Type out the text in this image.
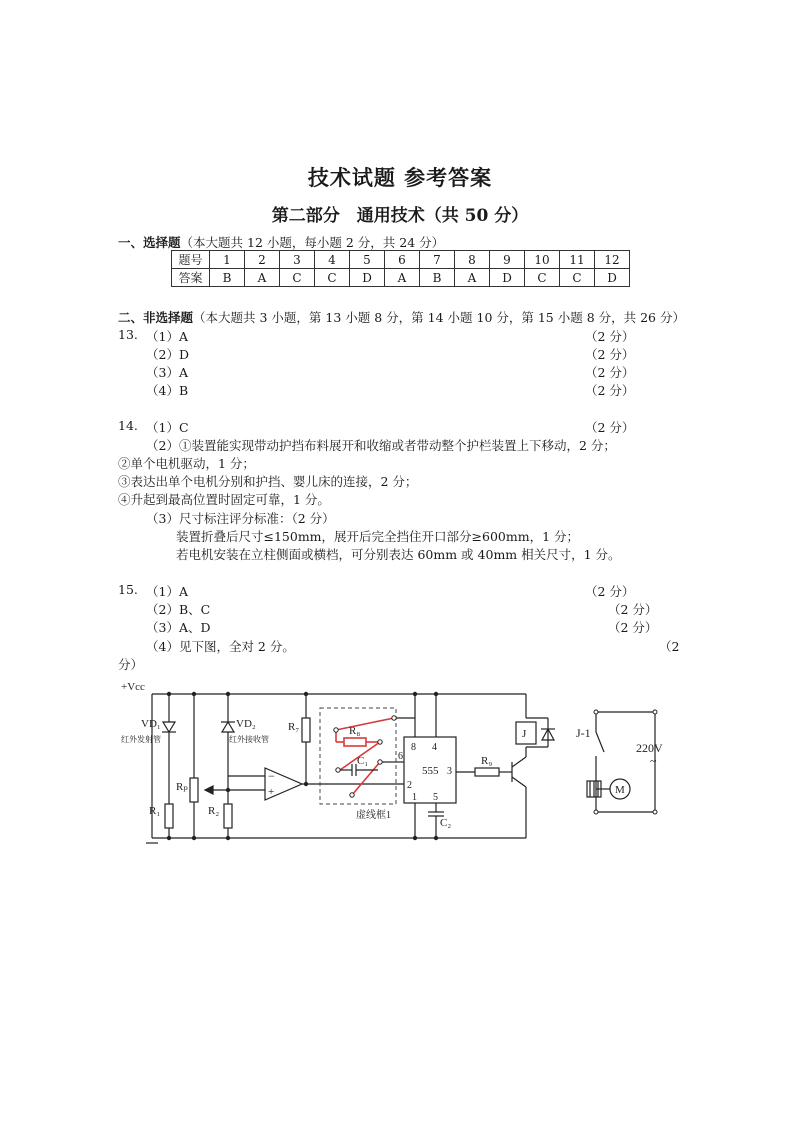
技术试题 参考答案
第二部分　通用技术（共 50 分）
一、选择题（本大题共 12 小题，每小题 2 分，共 24 分）
题号	1	2	3	4	5	6	7	8	9	10	11	12
答案	B	A	C	C	D	A	B	A	D	C	C	D
二、非选择题（本大题共 3 小题，第 13 小题 8 分，第 14 小题 10 分，第 15 小题 8 分，共 26 分）
13. （1）A	（2 分）
（2）D	（2 分）
（3）A	（2 分）
（4）B	（2 分）
14. （1）C	（2 分）
（2）①装置能实现带动护挡布料展开和收缩或者带动整个护栏装置上下移动，2 分；
②单个电机驱动，1 分；
③表达出单个电机分别和护挡、婴儿床的连接，2 分；
④升起到最高位置时固定可靠，1 分。
（3）尺寸标注评分标准：（2 分）
装置折叠后尺寸≤150mm，展开后完全挡住开口部分≥600mm，1 分；
若电机安装在立柱侧面或横档，可分别表达 60mm 或 40mm 相关尺寸，1 分。
15. （1）A	（2 分）
（2）B、C	（2 分）
（3）A、D	（2 分）
（4）见下图，全对 2 分。	（2
分）
+Vcc
VD₁
红外发射管
VD₂
红外接收管
Rₚ
R₁	R₂
R₇
−
+
R₈
C₁
虚线框1
8 4
6
2
3
1 5
555
R₉
C₂
J	J-1
220V
~
M
